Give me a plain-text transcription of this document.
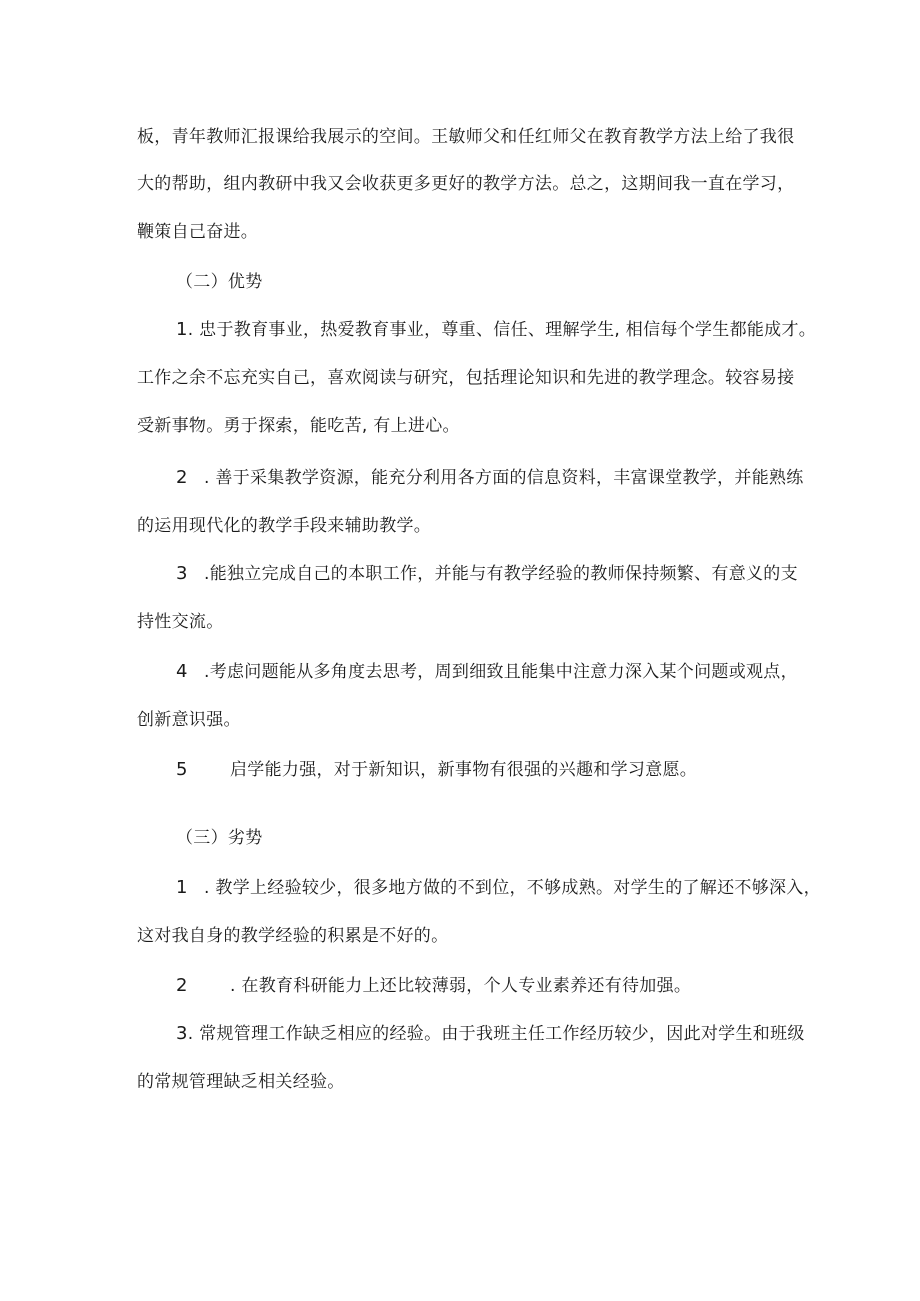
板，青年教师汇报课给我展示的空间。王敏师父和任红师父在教育教学方法上给了我很
大的帮助，组内教研中我又会收获更多更好的教学方法。总之，这期间我一直在学习，
鞭策自己奋进。
（二）优势
1. 忠于教育事业，热爱教育事业，尊重、信任、理解学生, 相信每个学生都能成才。
工作之余不忘充实自己，喜欢阅读与研究，包括理论知识和先进的教学理念。较容易接
受新事物。勇于探索，能吃苦, 有上进心。
2 . 善于采集教学资源，能充分利用各方面的信息资料，丰富课堂教学，并能熟练
的运用现代化的教学手段来辅助教学。
3 .能独立完成自己的本职工作，并能与有教学经验的教师保持频繁、有意义的支
持性交流。
4 .考虑问题能从多角度去思考，周到细致且能集中注意力深入某个问题或观点，
创新意识强。
5 启学能力强，对于新知识，新事物有很强的兴趣和学习意愿。
（三）劣势
1 . 教学上经验较少，很多地方做的不到位，不够成熟。对学生的了解还不够深入，
这对我自身的教学经验的积累是不好的。
2 . 在教育科研能力上还比较薄弱，个人专业素养还有待加强。
3. 常规管理工作缺乏相应的经验。由于我班主任工作经历较少，因此对学生和班级
的常规管理缺乏相关经验。
